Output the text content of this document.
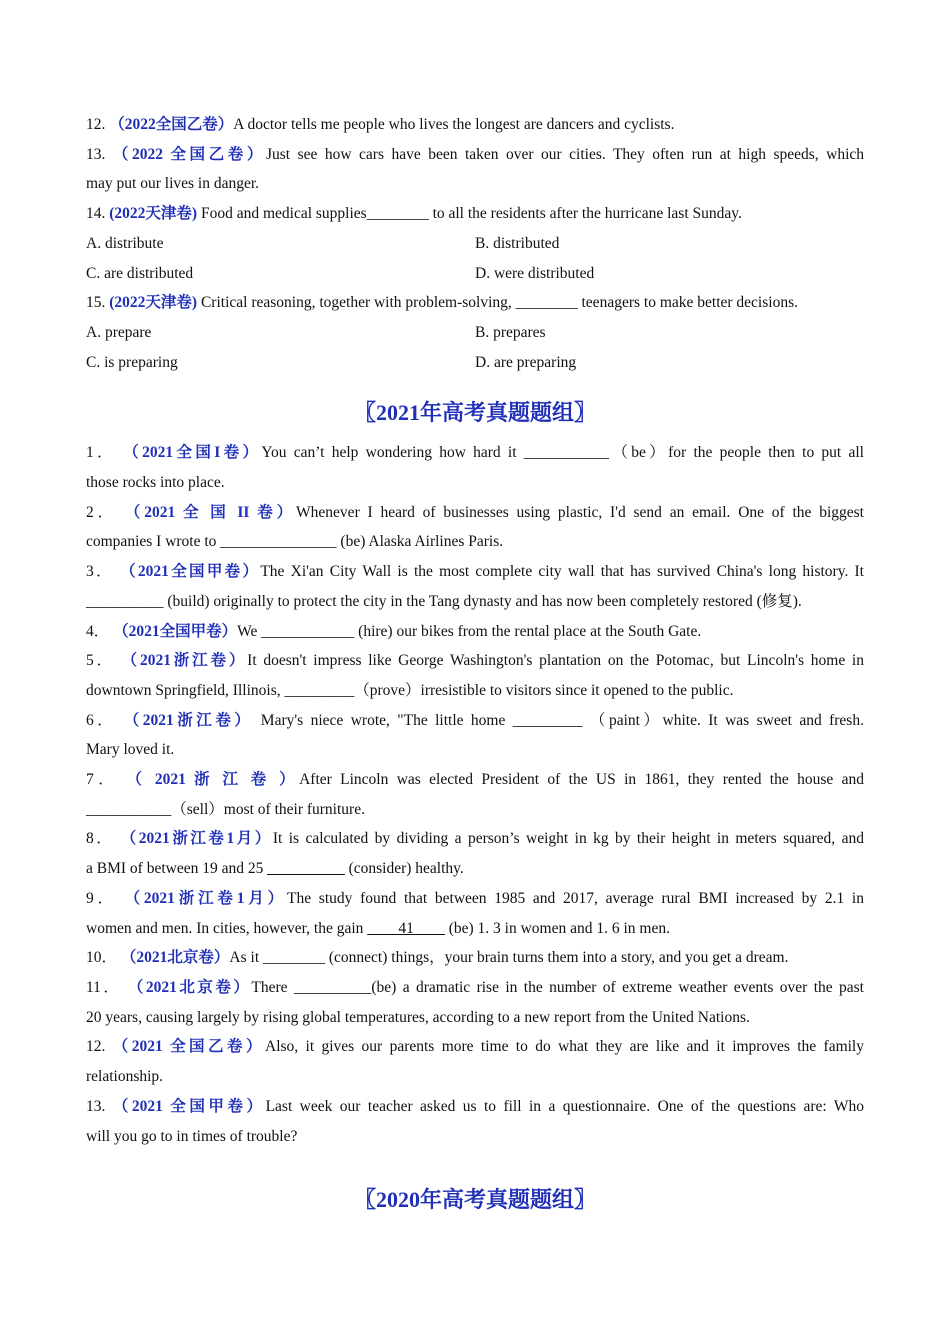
12. （2022全国乙卷）A doctor tells me people who lives the longest are dancers and cyclists.

13. （2022 全国乙卷）Just see how cars have been taken over our cities. They often run at high speeds, which

may put our lives in danger.

14. (2022天津卷) Food and medical supplies________ to all the residents after the hurricane last Sunday.

A. distribute	B. distributed
C. are distributed	D. were distributed

15. (2022天津卷) Critical reasoning, together with problem-solving, ________ teenagers to make better decisions.

A. prepare	B. prepares
C. is preparing	D. are preparing
〖2021年高考真题题组〗

1． （2021全国I卷）You can’t help wondering how hard it ___________（be）for the people then to put all

those rocks into place.

2． （2021 全 国 II 卷）Whenever I heard of businesses using plastic, I'd send an email. One of the biggest

companies I wrote to _______________ (be) Alaska Airlines Paris.

3． （2021全国甲卷）The Xi'an City Wall is the most complete city wall that has survived China's long history. It

__________ (build) originally to protect the city in the Tang dynasty and has now been completely restored (修复).

4． （2021全国甲卷）We ____________ (hire) our bikes from the rental place at the South Gate.

5． （2021浙江卷）It doesn't impress like George Washington's plantation on the Potomac, but Lincoln's home in

downtown Springfield, Illinois, _________（prove）irresistible to visitors since it opened to the public.

6． （2021浙江卷） Mary's niece wrote, "The little home _________ （paint）white. It was sweet and fresh.

Mary loved it.

7． （ 2021 浙 江 卷 ）After Lincoln was elected President of the US in 1861, they rented the house and

___________（sell）most of their furniture.

8． （2021浙江卷1月）It is calculated by dividing a person’s weight in kg by their height in meters squared, and

a BMI of between 19 and 25 __________ (consider) healthy.

9． （2021浙江卷1月）The study found that between 1985 and 2017, average rural BMI increased by 2.1 in

women and men. In cities, however, the gain ____41____ (be) 1. 3 in women and 1. 6 in men.

10． （2021北京卷）As it ________ (connect) things，your brain turns them into a story, and you get a dream.

11． （2021北京卷）There __________(be) a dramatic rise in the number of extreme weather events over the past

20 years, causing largely by rising global temperatures, according to a new report from the United Nations.

12. （2021 全国乙卷）Also, it gives our parents more time to do what they are like and it improves the family

relationship.

13. （2021 全国甲卷）Last week our teacher asked us to fill in a questionnaire. One of the questions are: Who

will you go to in times of trouble?

〖2020年高考真题题组〗
